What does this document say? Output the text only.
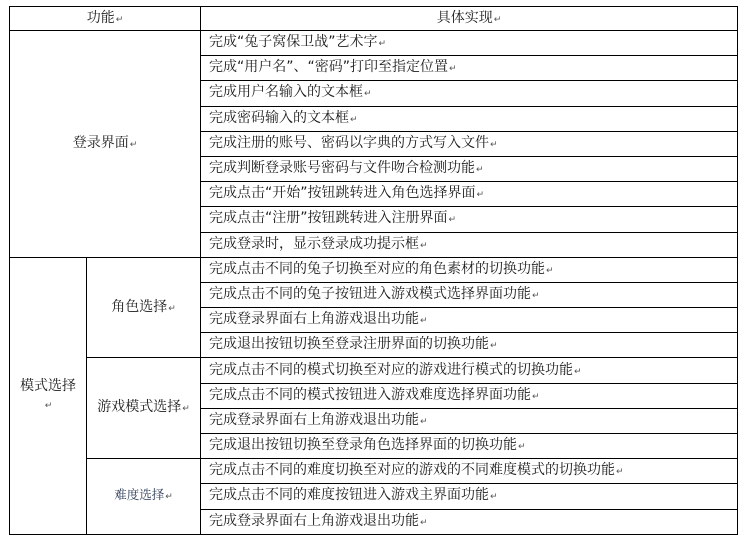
功能↵		具体实现↵
登录界面↵		完成“兔子窝保卫战”艺术字↵
		完成“用户名”、“密码”打印至指定位置↵
		完成用户名输入的文本框↵
		完成密码输入的文本框↵
		完成注册的账号、密码以字典的方式写入文件↵
		完成判断登录账号密码与文件吻合检测功能↵
		完成点击“开始”按钮跳转进入角色选择界面↵
		完成点击“注册”按钮跳转进入注册界面↵
		完成登录时，显示登录成功提示框↵
模式选择↵	角色选择↵	完成点击不同的兔子切换至对应的角色素材的切换功能↵
		完成点击不同的兔子按钮进入游戏模式选择界面功能↵
		完成登录界面右上角游戏退出功能↵
		完成退出按钮切换至登录注册界面的切换功能↵
	游戏模式选择↵	完成点击不同的模式切换至对应的游戏进行模式的切换功能↵
		完成点击不同的模式按钮进入游戏难度选择界面功能↵
		完成登录界面右上角游戏退出功能↵
		完成退出按钮切换至登录角色选择界面的切换功能↵
	难度选择↵	完成点击不同的难度切换至对应的游戏的不同难度模式的切换功能↵
		完成点击不同的难度按钮进入游戏主界面功能↵
		完成登录界面右上角游戏退出功能↵
